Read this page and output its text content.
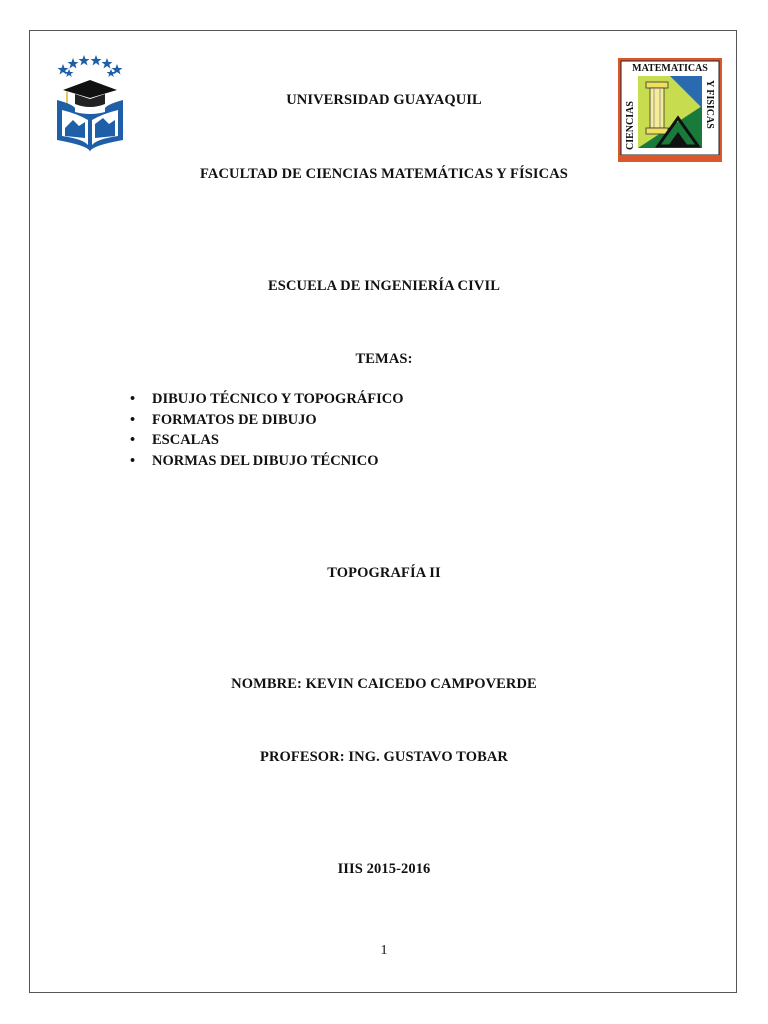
MATEMATICAS
CIENCIAS	Y FISICAS
UNIVERSIDAD GUAYAQUIL
FACULTAD DE CIENCIAS MATEMÁTICAS Y FÍSICAS
ESCUELA DE INGENIERÍA CIVIL
TEMAS:
• DIBUJO TÉCNICO Y TOPOGRÁFICO
• FORMATOS DE DIBUJO
• ESCALAS
• NORMAS DEL DIBUJO TÉCNICO
TOPOGRAFÍA II
NOMBRE: KEVIN CAICEDO CAMPOVERDE
PROFESOR: ING. GUSTAVO TOBAR
IIIS 2015-2016
1
